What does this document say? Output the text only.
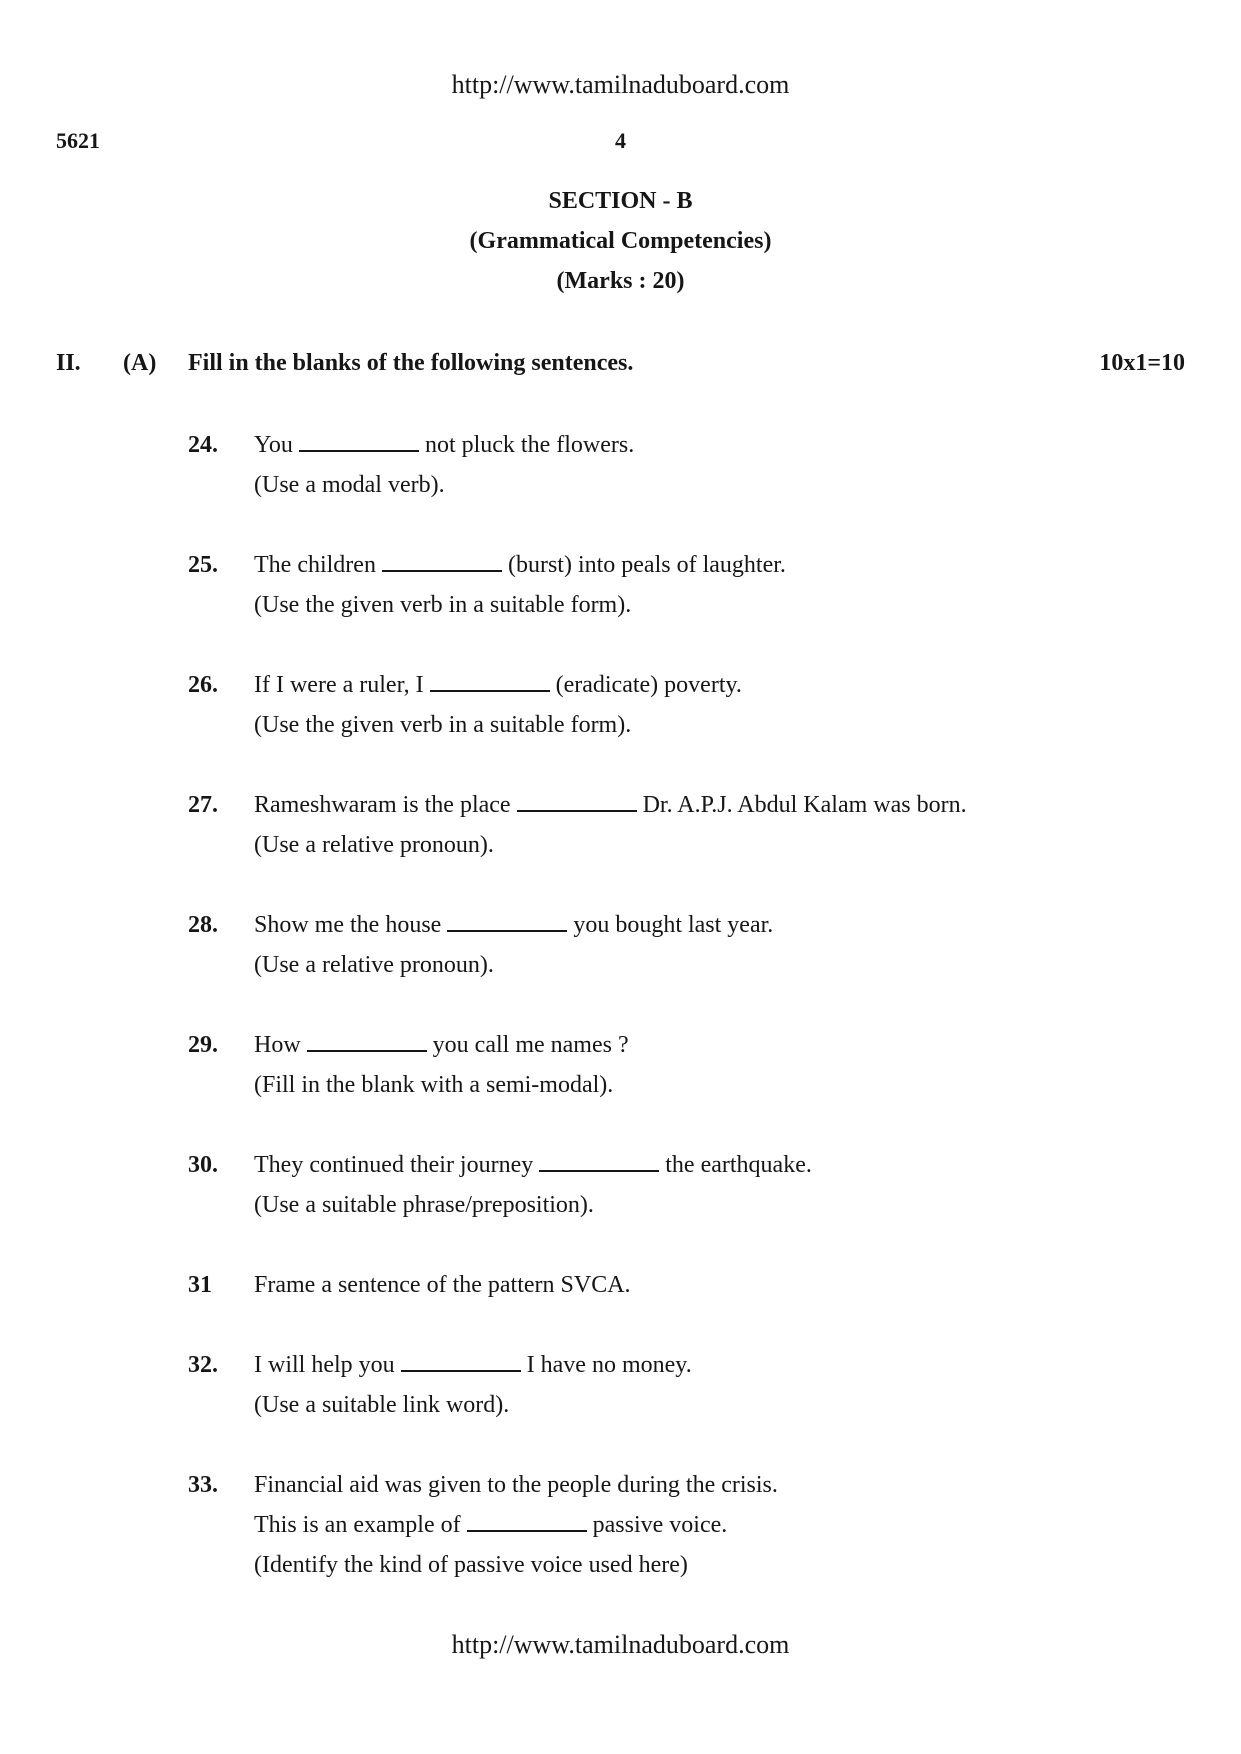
http://www.tamilnaduboard.com
5621	4
SECTION - B
(Grammatical Competencies)
(Marks : 20)
II. (A) Fill in the blanks of the following sentences.	10x1=10
24.	You	not pluck the flowers.
(Use a modal verb).
25.	The children	(burst) into peals of laughter.
(Use the given verb in a suitable form).
26.	If I were a ruler, I	(eradicate) poverty.
(Use the given verb in a suitable form).
27.	Rameshwaram is the place	Dr. A.P.J. Abdul Kalam was born.
(Use a relative pronoun).
28.	Show me the house	you bought last year.
(Use a relative pronoun).
29.	How	you call me names ?
(Fill in the blank with a semi-modal).
30.	They continued their journey	the earthquake.
(Use a suitable phrase/preposition).
31	Frame a sentence of the pattern SVCA.
32.	I will help you	I have no money.
(Use a suitable link word).
33.	Financial aid was given to the people during the crisis.
This is an example of	passive voice.
(Identify the kind of passive voice used here)
http://www.tamilnaduboard.com
